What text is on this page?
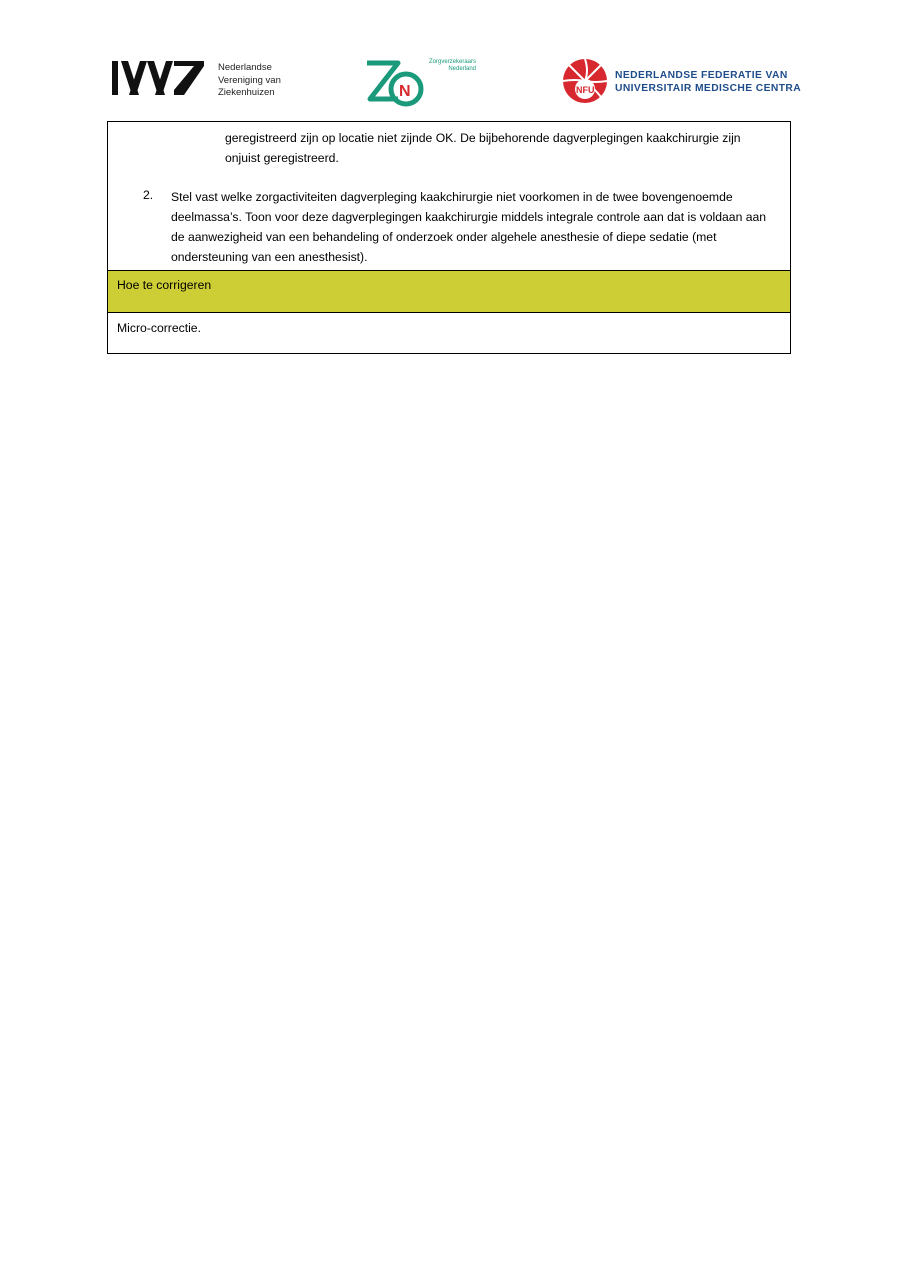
Nederlandse
Vereniging van
Ziekenhuizen	N
Zorgverzekeraars
Nederland
NFU
NEDERLANDSE FEDERATIE VAN
UNIVERSITAIR MEDISCHE CENTRA
geregistreerd zijn op locatie niet zijnde OK. De bijbehorende dagverplegingen kaakchirurgie zijn onjuist geregistreerd.
2. Stel vast welke zorgactiviteiten dagverpleging kaakchirurgie niet voorkomen in de twee bovengenoemde deelmassa’s. Toon voor deze dagverplegingen kaakchirurgie middels integrale controle aan dat is voldaan aan de aanwezigheid van een behandeling of onderzoek onder algehele anesthesie of diepe sedatie (met ondersteuning van een anesthesist).
Hoe te corrigeren
Micro-correctie.
